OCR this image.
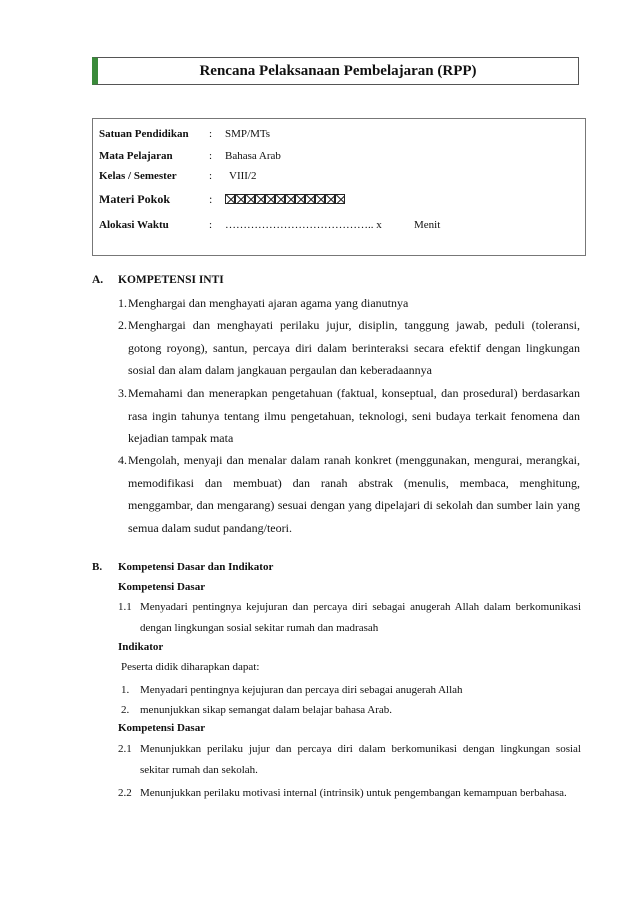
Rencana Pelaksanaan Pembelajaran (RPP)
Satuan Pendidikan	:	SMP/MTs
Mata Pelajaran	:	Bahasa Arab
Kelas / Semester	:	VIII/2
Materi Pokok	:
Alokasi Waktu	:	………………………………….. x	Menit
A. KOMPETENSI INTI
1. Menghargai dan menghayati ajaran agama yang dianutnya
2. Menghargai dan menghayati perilaku jujur, disiplin, tanggung jawab, peduli (toleransi, gotong royong), santun, percaya diri dalam berinteraksi secara efektif dengan lingkungan sosial dan alam dalam jangkauan pergaulan dan keberadaannya
3. Memahami dan menerapkan pengetahuan (faktual, konseptual, dan prosedural) berdasarkan rasa ingin tahunya tentang ilmu pengetahuan, teknologi, seni budaya terkait fenomena dan kejadian tampak mata
4. Mengolah, menyaji dan menalar dalam ranah konkret (menggunakan, mengurai, merangkai, memodifikasi dan membuat) dan ranah abstrak (menulis, membaca, menghitung, menggambar, dan mengarang) sesuai dengan yang dipelajari di sekolah dan sumber lain yang semua dalam sudut pandang/teori.
B. Kompetensi Dasar dan Indikator
Kompetensi Dasar
1.1 Menyadari pentingnya kejujuran dan percaya diri sebagai anugerah Allah dalam berkomunikasi dengan lingkungan sosial sekitar rumah dan madrasah
Indikator
Peserta didik diharapkan dapat:
1. Menyadari pentingnya kejujuran dan percaya diri sebagai anugerah Allah
2. menunjukkan sikap semangat dalam belajar bahasa Arab.
Kompetensi Dasar
2.1 Menunjukkan perilaku jujur dan percaya diri dalam berkomunikasi dengan lingkungan sosial sekitar rumah dan sekolah.
2.2 Menunjukkan perilaku motivasi internal (intrinsik) untuk pengembangan kemampuan berbahasa.
